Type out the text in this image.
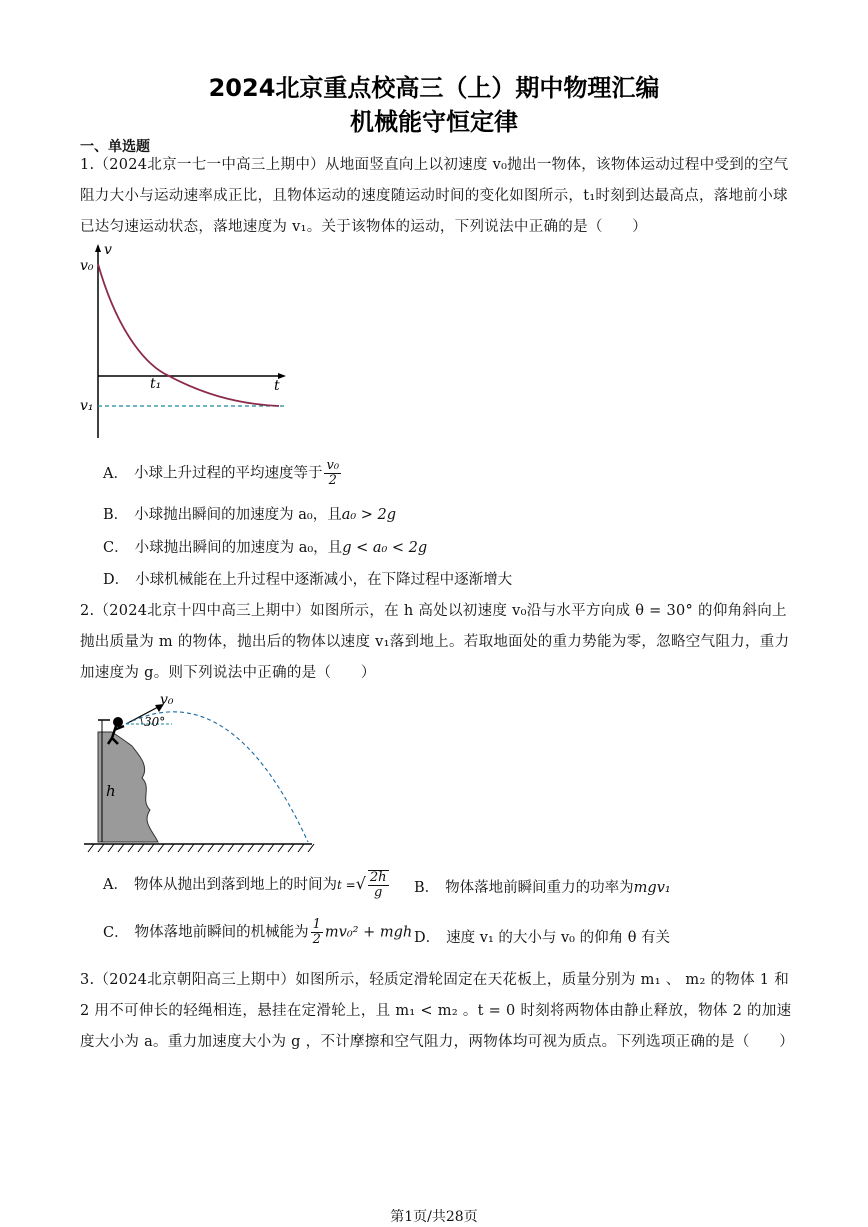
2024北京重点校高三（上）期中物理汇编
机械能守恒定律
一、单选题
1.（2024北京一七一中高三上期中）从地面竖直向上以初速度 v₀抛出一物体，该物体运动过程中受到的空气阻力大小与运动速率成正比，且物体运动的速度随运动时间的变化如图所示，t₁时刻到达最高点，落地前小球已达匀速运动状态，落地速度为 v₁。关于该物体的运动，下列说法中正确的是（　　）
v
v₀
t
t₁
v₁
A． 小球上升过程的平均速度等于 $\frac{\text{v₀}}{2}$
B． 小球抛出瞬间的加速度为 a₀，且a₀ > 2g
C． 小球抛出瞬间的加速度为 a₀，且g < a₀ < 2g
D． 小球机械能在上升过程中逐渐减小，在下降过程中逐渐增大
2.（2024北京十四中高三上期中）如图所示，在 h 高处以初速度 v₀沿与水平方向成 θ = 30° 的仰角斜向上抛出质量为 m 的物体，抛出后的物体以速度 v₁落到地上。若取地面处的重力势能为零，忽略空气阻力，重力加速度为 g。则下列说法中正确的是（　　）
h
v₀
30°
A． 物体从抛出到落到地上的时间为t =√ $\frac{2h}{g}$ B． 物体落地前瞬间重力的功率为mgv₁
C． 物体落地前瞬间的机械能为 $\frac{1}{2} mv_0^2$ + mgh D． 速度 v₁ 的大小与 v₀ 的仰角 θ 有关
3.（2024北京朝阳高三上期中）如图所示，轻质定滑轮固定在天花板上，质量分别为 m₁ 、 m₂ 的物体 1 和 2 用不可伸长的轻绳相连，悬挂在定滑轮上，且 m₁ < m₂ 。t = 0 时刻将两物体由静止释放，物体 2 的加速度大小为 a。重力加速度大小为 g ，不计摩擦和空气阻力，两物体均可视为质点。下列选项正确的是（　　）
第1页/共28页
